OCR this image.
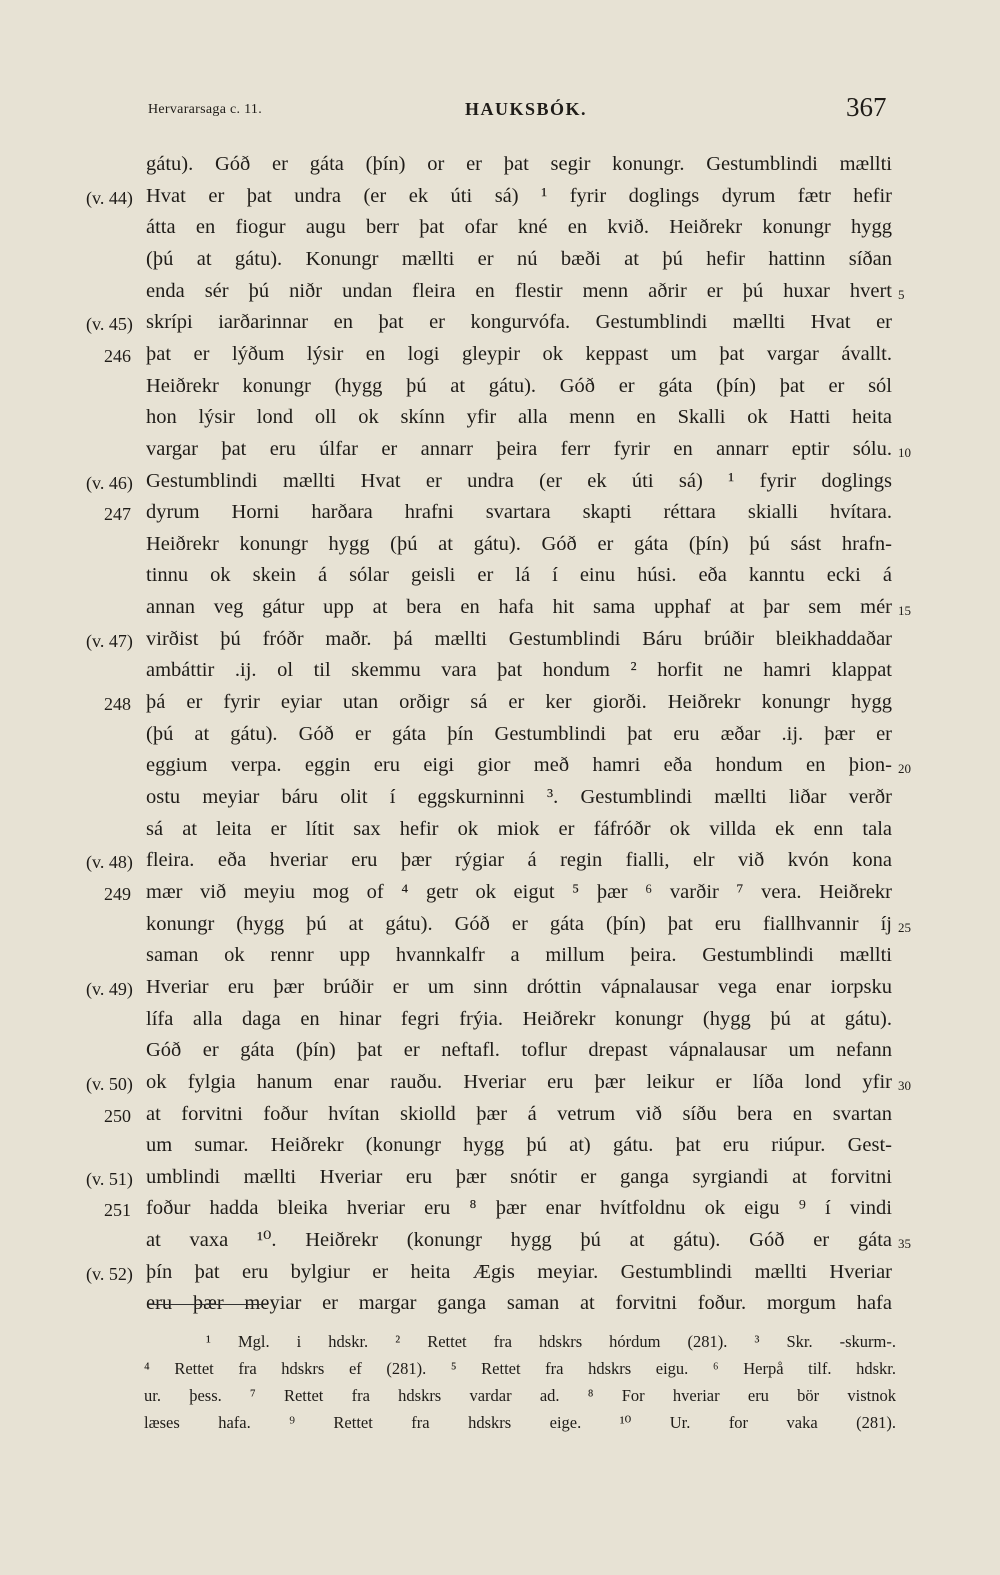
Hervararsaga c. 11.	HAUKSBÓK.	367
gátu). Góð er gáta (þín) or er þat segir konungr. Gestumblindi mællti
Hvat er þat undra (er ek úti sá) ¹ fyrir doglings dyrum fætr hefir
átta en fiogur augu berr þat ofar kné en kvið. Heiðrekr konungr hygg
(þú at gátu). Konungr mællti er nú bæði at þú hefir hattinn síðan
enda sér þú niðr undan fleira en flestir menn aðrir er þú huxar hvert
skrípi iarðarinnar en þat er kongurvófa. Gestumblindi mællti Hvat er
þat er lýðum lýsir en logi gleypir ok keppast um þat vargar ávallt.
Heiðrekr konungr (hygg þú at gátu). Góð er gáta (þín) þat er sól
hon lýsir lond oll ok skínn yfir alla menn en Skalli ok Hatti heita
vargar þat eru úlfar er annarr þeira ferr fyrir en annarr eptir sólu.
Gestumblindi mællti Hvat er undra (er ek úti sá) ¹ fyrir doglings
dyrum Horni harðara hrafni svartara skapti réttara skialli hvítara.
Heiðrekr konungr hygg (þú at gátu). Góð er gáta (þín) þú sást hrafn-
tinnu ok skein á sólar geisli er lá í einu húsi. eða kanntu ecki á
annan veg gátur upp at bera en hafa hit sama upphaf at þar sem mér
virðist þú fróðr maðr. þá mællti Gestumblindi Báru brúðir bleikhaddaðar
ambáttir .ij. ol til skemmu vara þat hondum ² horfit ne hamri klappat
þá er fyrir eyiar utan orðigr sá er ker giorði. Heiðrekr konungr hygg
(þú at gátu). Góð er gáta þín Gestumblindi þat eru æðar .ij. þær er
eggium verpa. eggin eru eigi gior með hamri eða hondum en þion-
ostu meyiar báru olit í eggskurninni ³. Gestumblindi mællti liðar verðr
sá at leita er lítit sax hefir ok miok er fáfróðr ok villda ek enn tala
fleira. eða hveriar eru þær rýgiar á regin fialli, elr við kvón kona
mær við meyiu mog of ⁴ getr ok eigut ⁵ þær ⁶ varðir ⁷ vera. Heiðrekr
konungr (hygg þú at gátu). Góð er gáta (þín) þat eru fiallhvannir íj
saman ok rennr upp hvannkalfr a millum þeira. Gestumblindi mællti
Hveriar eru þær brúðir er um sinn dróttin vápnalausar vega enar iorpsku
lífa alla daga en hinar fegri frýia. Heiðrekr konungr (hygg þú at gátu).
Góð er gáta (þín) þat er neftafl. toflur drepast vápnalausar um nefann
ok fylgia hanum enar rauðu. Hveriar eru þær leikur er líða lond yfir
at forvitni foður hvítan skiolld þær á vetrum við síðu bera en svartan
um sumar. Heiðrekr (konungr hygg þú at) gátu. þat eru riúpur. Gest-
umblindi mællti Hveriar eru þær snótir er ganga syrgiandi at forvitni
foður hadda bleika hveriar eru ⁸ þær enar hvítfoldnu ok eigu ⁹ í vindi
at vaxa ¹⁰. Heiðrekr (konungr hygg þú at gátu). Góð er gáta
þín þat eru bylgiur er heita Ægis meyiar. Gestumblindi mællti Hveriar
eru þær meyiar er margar ganga saman at forvitni foður. morgum hafa
(v. 44)
(v. 45)
246
(v. 46)
247
(v. 47)
248
(v. 48)
249
(v. 49)
(v. 50)
250
(v. 51)
251
(v. 52)
5
10
15
20
25
30
35
¹ Mgl. i hdskr. ² Rettet fra hdskrs hórdum (281). ³ Skr. -skurm-.
⁴ Rettet fra hdskrs ef (281). ⁵ Rettet fra hdskrs eigu. ⁶ Herpå tilf. hdskr.
ur. þess. ⁷ Rettet fra hdskrs vardar ad. ⁸ For hveriar eru bör vistnok
læses hafa. ⁹ Rettet fra hdskrs eige. ¹⁰ Ur. for vaka (281).
